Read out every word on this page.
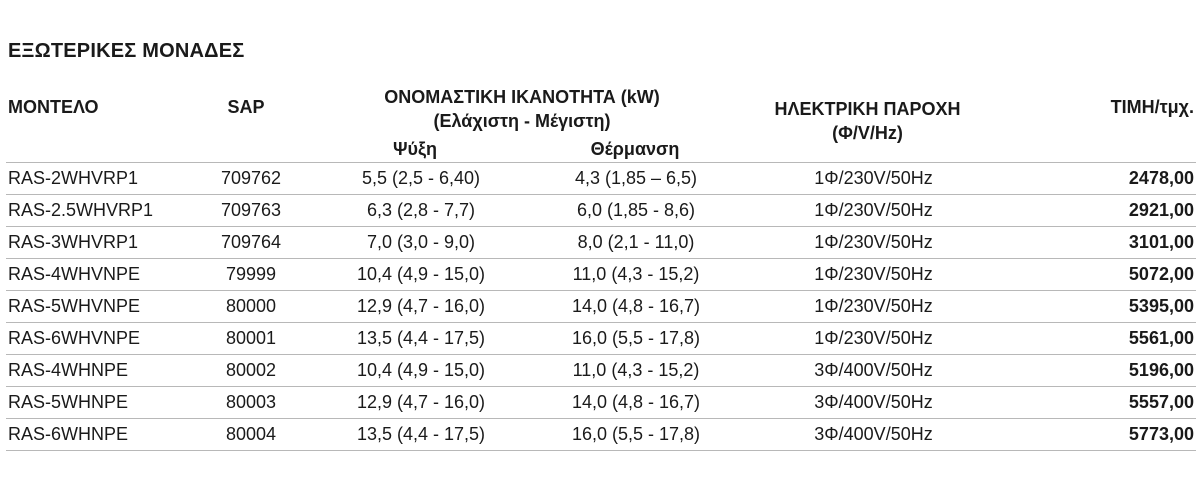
ΕΞΩΤΕΡΙΚΕΣ ΜΟΝΑΔΕΣ
ΜΟΝΤΕΛΟ	SAP	ΟΝΟΜΑΣΤΙΚΗ ΙΚΑΝΟΤΗΤΑ (kW)
(Ελάχιστη - Μέγιστη)
Ψύξη	Θέρμανση
ΗΛΕΚΤΡΙΚΗ ΠΑΡΟΧΗ
(Φ/V/Hz)
ΤΙΜΗ/τμχ.
RAS-2WHVRP1	709762	5,5 (2,5 - 6,40)	4,3 (1,85 – 6,5)	1Φ/230V/50Hz	2478,00
RAS-2.5WHVRP1	709763	6,3 (2,8 - 7,7)	6,0 (1,85 - 8,6)	1Φ/230V/50Hz	2921,00
RAS-3WHVRP1	709764	7,0 (3,0 - 9,0)	8,0 (2,1 - 11,0)	1Φ/230V/50Hz	3101,00
RAS-4WHVNPE	79999	10,4 (4,9 - 15,0)	11,0 (4,3 - 15,2)	1Φ/230V/50Hz	5072,00
RAS-5WHVNPE	80000	12,9 (4,7 - 16,0)	14,0 (4,8 - 16,7)	1Φ/230V/50Hz	5395,00
RAS-6WHVNPE	80001	13,5 (4,4 - 17,5)	16,0 (5,5 - 17,8)	1Φ/230V/50Hz	5561,00
RAS-4WHNPE	80002	10,4 (4,9 - 15,0)	11,0 (4,3 - 15,2)	3Φ/400V/50Hz	5196,00
RAS-5WHNPE	80003	12,9 (4,7 - 16,0)	14,0 (4,8 - 16,7)	3Φ/400V/50Hz	5557,00
RAS-6WHNPE	80004	13,5 (4,4 - 17,5)	16,0 (5,5 - 17,8)	3Φ/400V/50Hz	5773,00
